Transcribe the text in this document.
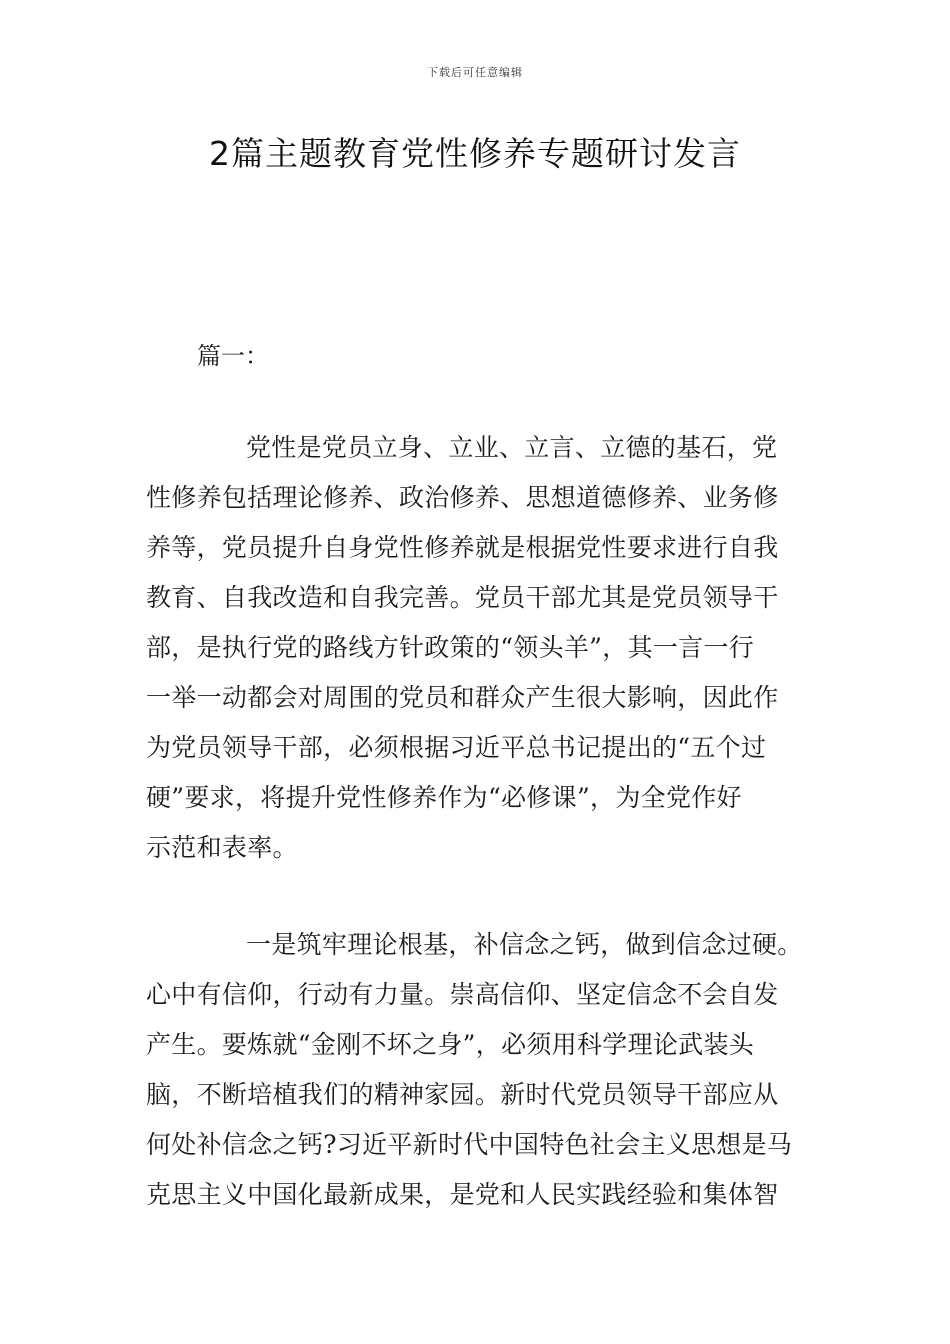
下载后可任意编辑
2篇主题教育党性修养专题研讨发言
篇一：
党性是党员立身、立业、立言、立德的基石，党
性修养包括理论修养、政治修养、思想道德修养、业务修
养等，党员提升自身党性修养就是根据党性要求进行自我
教育、自我改造和自我完善。党员干部尤其是党员领导干
部，是执行党的路线方针政策的“领头羊”，其一言一行
一举一动都会对周围的党员和群众产生很大影响，因此作
为党员领导干部，必须根据习近平总书记提出的“五个过
硬”要求，将提升党性修养作为“必修课”，为全党作好
示范和表率。
一是筑牢理论根基，补信念之钙，做到信念过硬。
心中有信仰，行动有力量。崇高信仰、坚定信念不会自发
产生。要炼就“金刚不坏之身”，必须用科学理论武装头
脑，不断培植我们的精神家园。新时代党员领导干部应从
何处补信念之钙?习近平新时代中国特色社会主义思想是马
克思主义中国化最新成果，是党和人民实践经验和集体智
